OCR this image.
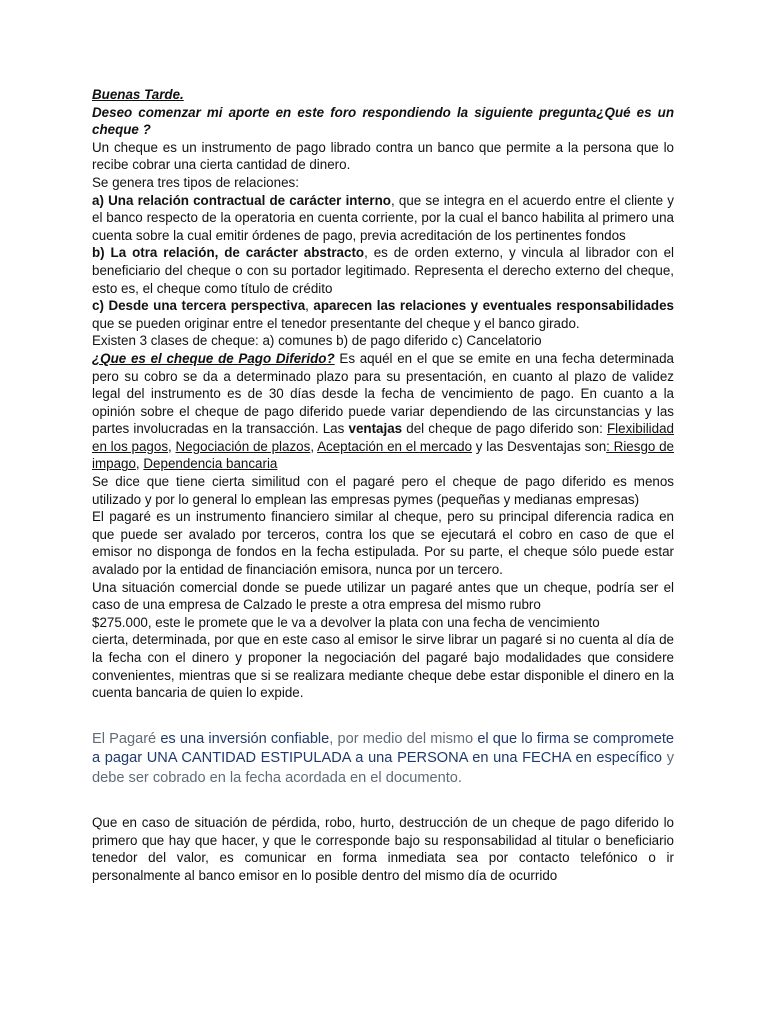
Buenas Tarde.

Deseo comenzar mi aporte en este foro respondiendo la siguiente pregunta¿Qué es un cheque ?

Un cheque es un instrumento de pago librado contra un banco que permite a la persona que lo recibe cobrar una cierta cantidad de dinero.

Se genera tres tipos de relaciones:

a) Una relación contractual de carácter interno, que se integra en el acuerdo entre el cliente y el banco respecto de la operatoria en cuenta corriente, por la cual el banco habilita al primero una cuenta sobre la cual emitir órdenes de pago, previa acreditación de los pertinentes fondos

b) La otra relación, de carácter abstracto, es de orden externo, y vincula al librador con el beneficiario del cheque o con su portador legitimado. Representa el derecho externo del cheque, esto es, el cheque como título de crédito

c) Desde una tercera perspectiva, aparecen las relaciones y eventuales responsabilidades que se pueden originar entre el tenedor presentante del cheque y el banco girado.

Existen 3 clases de cheque: a) comunes b) de pago diferido c) Cancelatorio

¿Que es el cheque de Pago Diferido? Es aquél en el que se emite en una fecha determinada pero su cobro se da a determinado plazo para su presentación, en cuanto al plazo de validez legal del instrumento es de 30 días desde la fecha de vencimiento de pago. En cuanto a la opinión sobre el cheque de pago diferido puede variar dependiendo de las circunstancias y las partes involucradas en la transacción. Las ventajas del cheque de pago diferido son: Flexibilidad en los pagos, Negociación de plazos, Aceptación en el mercado y las Desventajas son: Riesgo de impago, Dependencia bancaria

Se dice que tiene cierta similitud con el pagaré pero el cheque de pago diferido es menos utilizado y por lo general lo emplean las empresas pymes (pequeñas y medianas empresas)

El pagaré es un instrumento financiero similar al cheque, pero su principal diferencia radica en que puede ser avalado por terceros, contra los que se ejecutará el cobro en caso de que el emisor no disponga de fondos en la fecha estipulada. Por su parte, el cheque sólo puede estar avalado por la entidad de financiación emisora, nunca por un tercero.

Una situación comercial donde se puede utilizar un pagaré antes que un cheque, podría ser el caso de una empresa de Calzado le preste a otra empresa del mismo rubro

$275.000, este le promete que le va a devolver la plata con una fecha de vencimiento

cierta, determinada, por que en este caso al emisor le sirve librar un pagaré si no cuenta al día de la fecha con el dinero y proponer la negociación del pagaré bajo modalidades que considere convenientes, mientras que si se realizara mediante cheque debe estar disponible el dinero en la cuenta bancaria de quien lo expide.

El Pagaré es una inversión confiable, por medio del mismo el que lo firma se compromete a pagar UNA CANTIDAD ESTIPULADA a una PERSONA en una FECHA en específico y debe ser cobrado en la fecha acordada en el documento.

Que en caso de situación de pérdida, robo, hurto, destrucción de un cheque de pago diferido lo primero que hay que hacer, y que le corresponde bajo su responsabilidad al titular o beneficiario tenedor del valor, es comunicar en forma inmediata sea por contacto telefónico o ir personalmente al banco emisor en lo posible dentro del mismo día de ocurrido
